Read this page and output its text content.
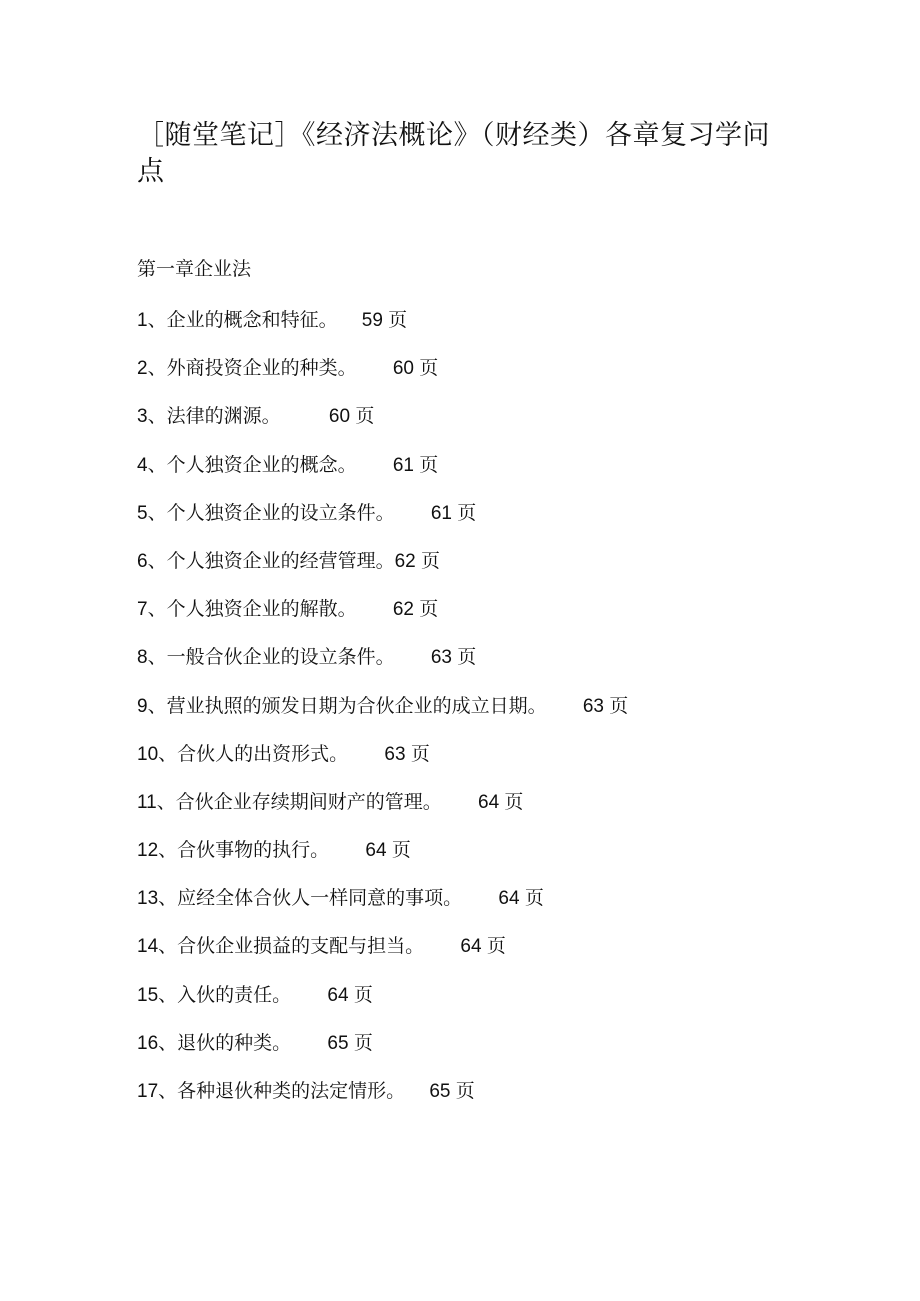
［随堂笔记］《经济法概论》（财经类）各章复习学问点
第一章企业法
1、企业的概念和特征。 59 页
2、外商投资企业的种类。 60 页
3、法律的渊源。	60 页
4、个人独资企业的概念。 61 页
5、个人独资企业的设立条件。 61 页
6、个人独资企业的经营管理。62 页
7、个人独资企业的解散。 62 页
8、一般合伙企业的设立条件。 63 页
9、营业执照的颁发日期为合伙企业的成立日期。 63 页
10、合伙人的出资形式。 63 页
11、合伙企业存续期间财产的管理。 64 页
12、合伙事物的执行。 64 页
13、应经全体合伙人一样同意的事项。 64 页
14、合伙企业损益的支配与担当。 64 页
15、入伙的责任。 64 页
16、退伙的种类。 65 页
17、各种退伙种类的法定情形。 65 页
